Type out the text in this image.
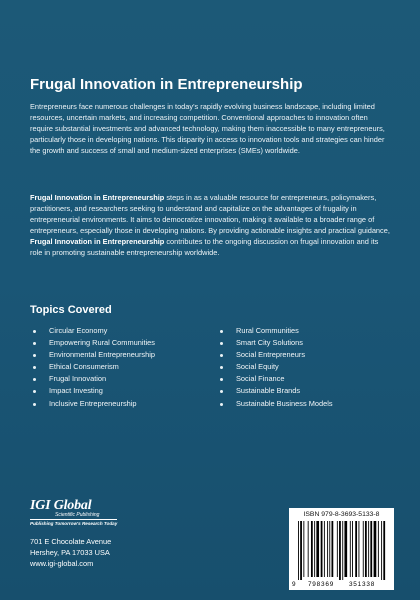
Frugal Innovation in Entrepreneurship

Entrepreneurs face numerous challenges in today's rapidly evolving business landscape, including limited resources, uncertain markets, and increasing competition. Conventional approaches to innovation often require substantial investments and advanced technology, making them inaccessible to many entrepreneurs, particularly those in developing nations. This disparity in access to innovation tools and strategies can hinder the growth and success of small and medium-sized enterprises (SMEs) worldwide.

Frugal Innovation in Entrepreneurship steps in as a valuable resource for entrepreneurs, policymakers, practitioners, and researchers seeking to understand and capitalize on the advantages of frugality in entrepreneurial environments. It aims to democratize innovation, making it available to a broader range of entrepreneurs, especially those in developing nations. By providing actionable insights and practical guidance, Frugal Innovation in Entrepreneurship contributes to the ongoing discussion on frugal innovation and its role in promoting sustainable entrepreneurship worldwide.

Topics Covered
Circular Economy
Empowering Rural Communities
Environmental Entrepreneurship
Ethical Consumerism
Frugal Innovation
Impact Investing
Inclusive Entrepreneurship
Rural Communities
Smart City Solutions
Social Entrepreneurs
Social Equity
Social Finance
Sustainable Brands
Sustainable Business Models
IGI Global
Scientific Publishing
Publishing Tomorrow's Research Today

701 E Chocolate Avenue
Hershey, PA 17033 USA
www.igi-global.com

ISBN 979-8-3693-5133-8
9 798369 351338
